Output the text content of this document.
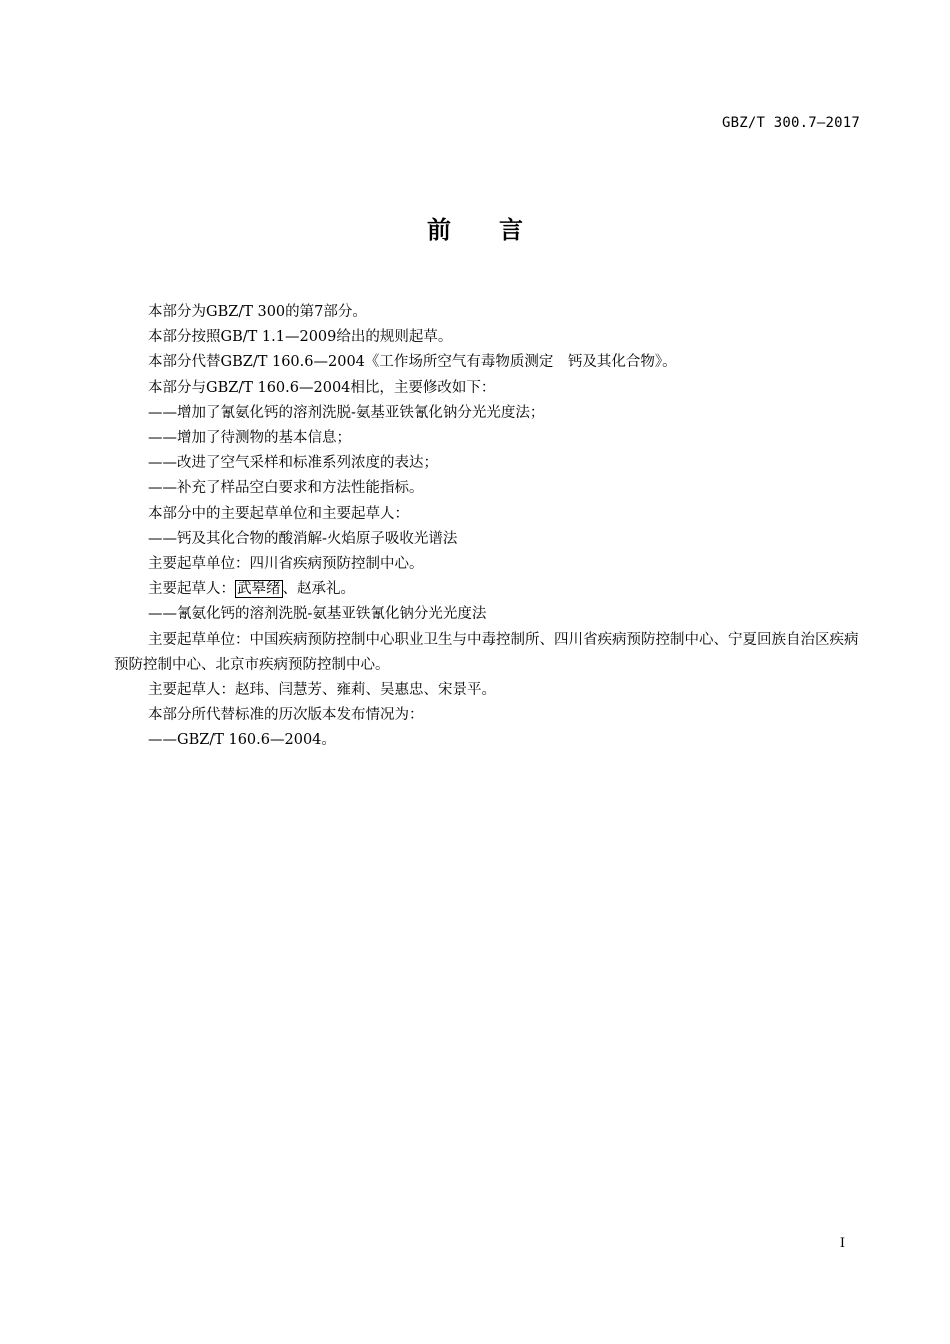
GBZ/T 300.7—2017
前言

本部分为GBZ/T 300的第7部分。

本部分按照GB/T 1.1—2009给出的规则起草。

本部分代替GBZ/T 160.6—2004《工作场所空气有毒物质测定　钙及其化合物》。

本部分与GBZ/T 160.6—2004相比，主要修改如下：

——增加了氰氨化钙的溶剂洗脱-氨基亚铁氰化钠分光光度法；

——增加了待测物的基本信息；

——改进了空气采样和标准系列浓度的表达；

——补充了样品空白要求和方法性能指标。

本部分中的主要起草单位和主要起草人：

——钙及其化合物的酸消解-火焰原子吸收光谱法

主要起草单位：四川省疾病预防控制中心。

主要起草人： 武皋绪 、赵承礼。

——氰氨化钙的溶剂洗脱-氨基亚铁氰化钠分光光度法

主要起草单位：中国疾病预防控制中心职业卫生与中毒控制所、四川省疾病预防控制中心、宁夏回族自治区疾病预防控制中心、北京市疾病预防控制中心。

主要起草人：赵玮、闫慧芳、雍莉、吴惠忠、宋景平。

本部分所代替标准的历次版本发布情况为：

——GBZ/T 160.6—2004。

I
